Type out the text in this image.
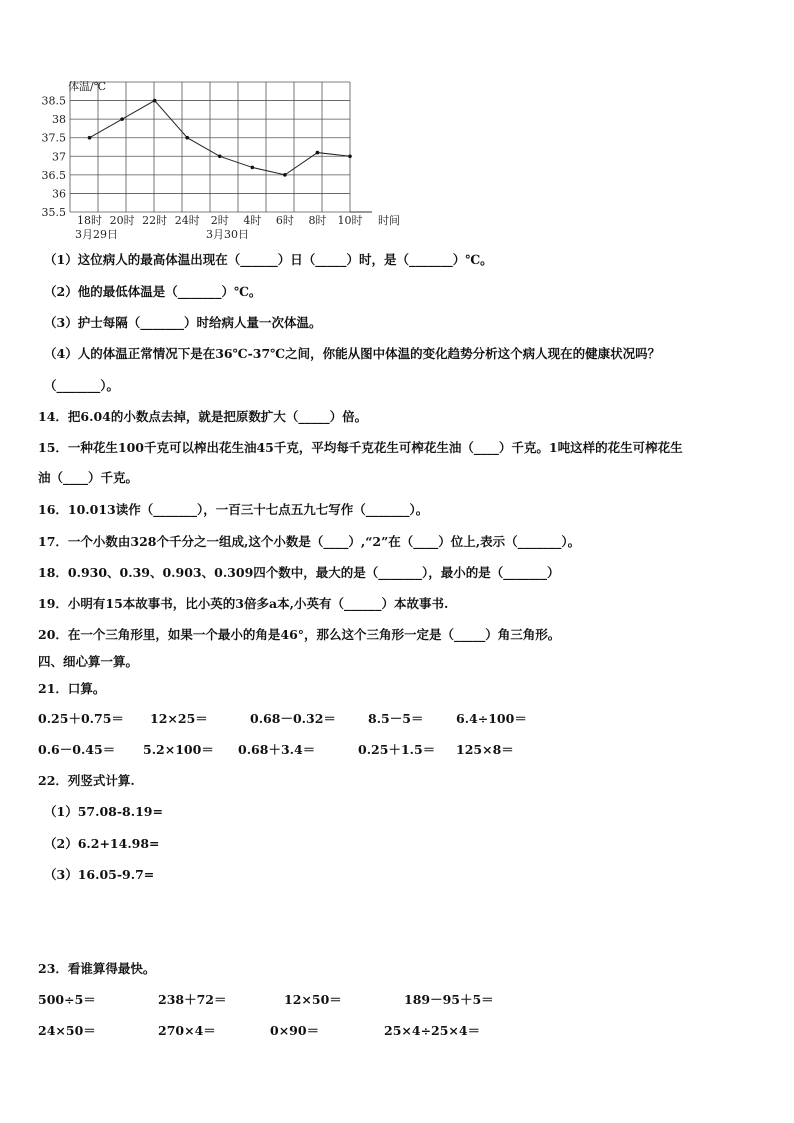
38.5
38
37.5
37
36.5
36
35.5
18时 20时 22时 24时 2时 4时 6时 8时 10时
体温/℃
时间
3月29日	3月30日
（1）这位病人的最高体温出现在（______）日（_____）时，是（_______）℃。
（2）他的最低体温是（_______）℃。
（3）护士每隔（_______）时给病人量一次体温。
（4）人的体温正常情况下是在36℃-37℃之间，你能从图中体温的变化趋势分析这个病人现在的健康状况吗？
（_______）。
14．把6.04的小数点去掉，就是把原数扩大（_____）倍。
15．一种花生100千克可以榨出花生油45千克，平均每千克花生可榨花生油（____）千克。1吨这样的花生可榨花生
油（____）千克。
16．10.013读作（_______），一百三十七点五九七写作（_______）。
17．一个小数由328个千分之一组成,这个小数是（____）,“2”在（____）位上,表示（_______）。
18．0.930、0.39、0.903、0.309四个数中，最大的是（_______），最小的是（_______）
19．小明有15本故事书，比小英的3倍多a本,小英有（______）本故事书.
20．在一个三角形里，如果一个最小的角是46°，那么这个三角形一定是（_____）角三角形。
四、细心算一算。
21．口算。
0.25＋0.75＝ 12×25＝	0.68－0.32＝	8.5－5＝	6.4÷100＝
0.6－0.45＝ 5.2×100＝ 0.68＋3.4＝	0.25＋1.5＝ 125×8＝
22．列竖式计算.
（1）57.08-8.19=
（2）6.2+14.98=
（3）16.05-9.7=
23．看谁算得最快。
500÷5＝	238＋72＝	12×50＝	189－95＋5＝
24×50＝	270×4＝	0×90＝	25×4÷25×4＝
